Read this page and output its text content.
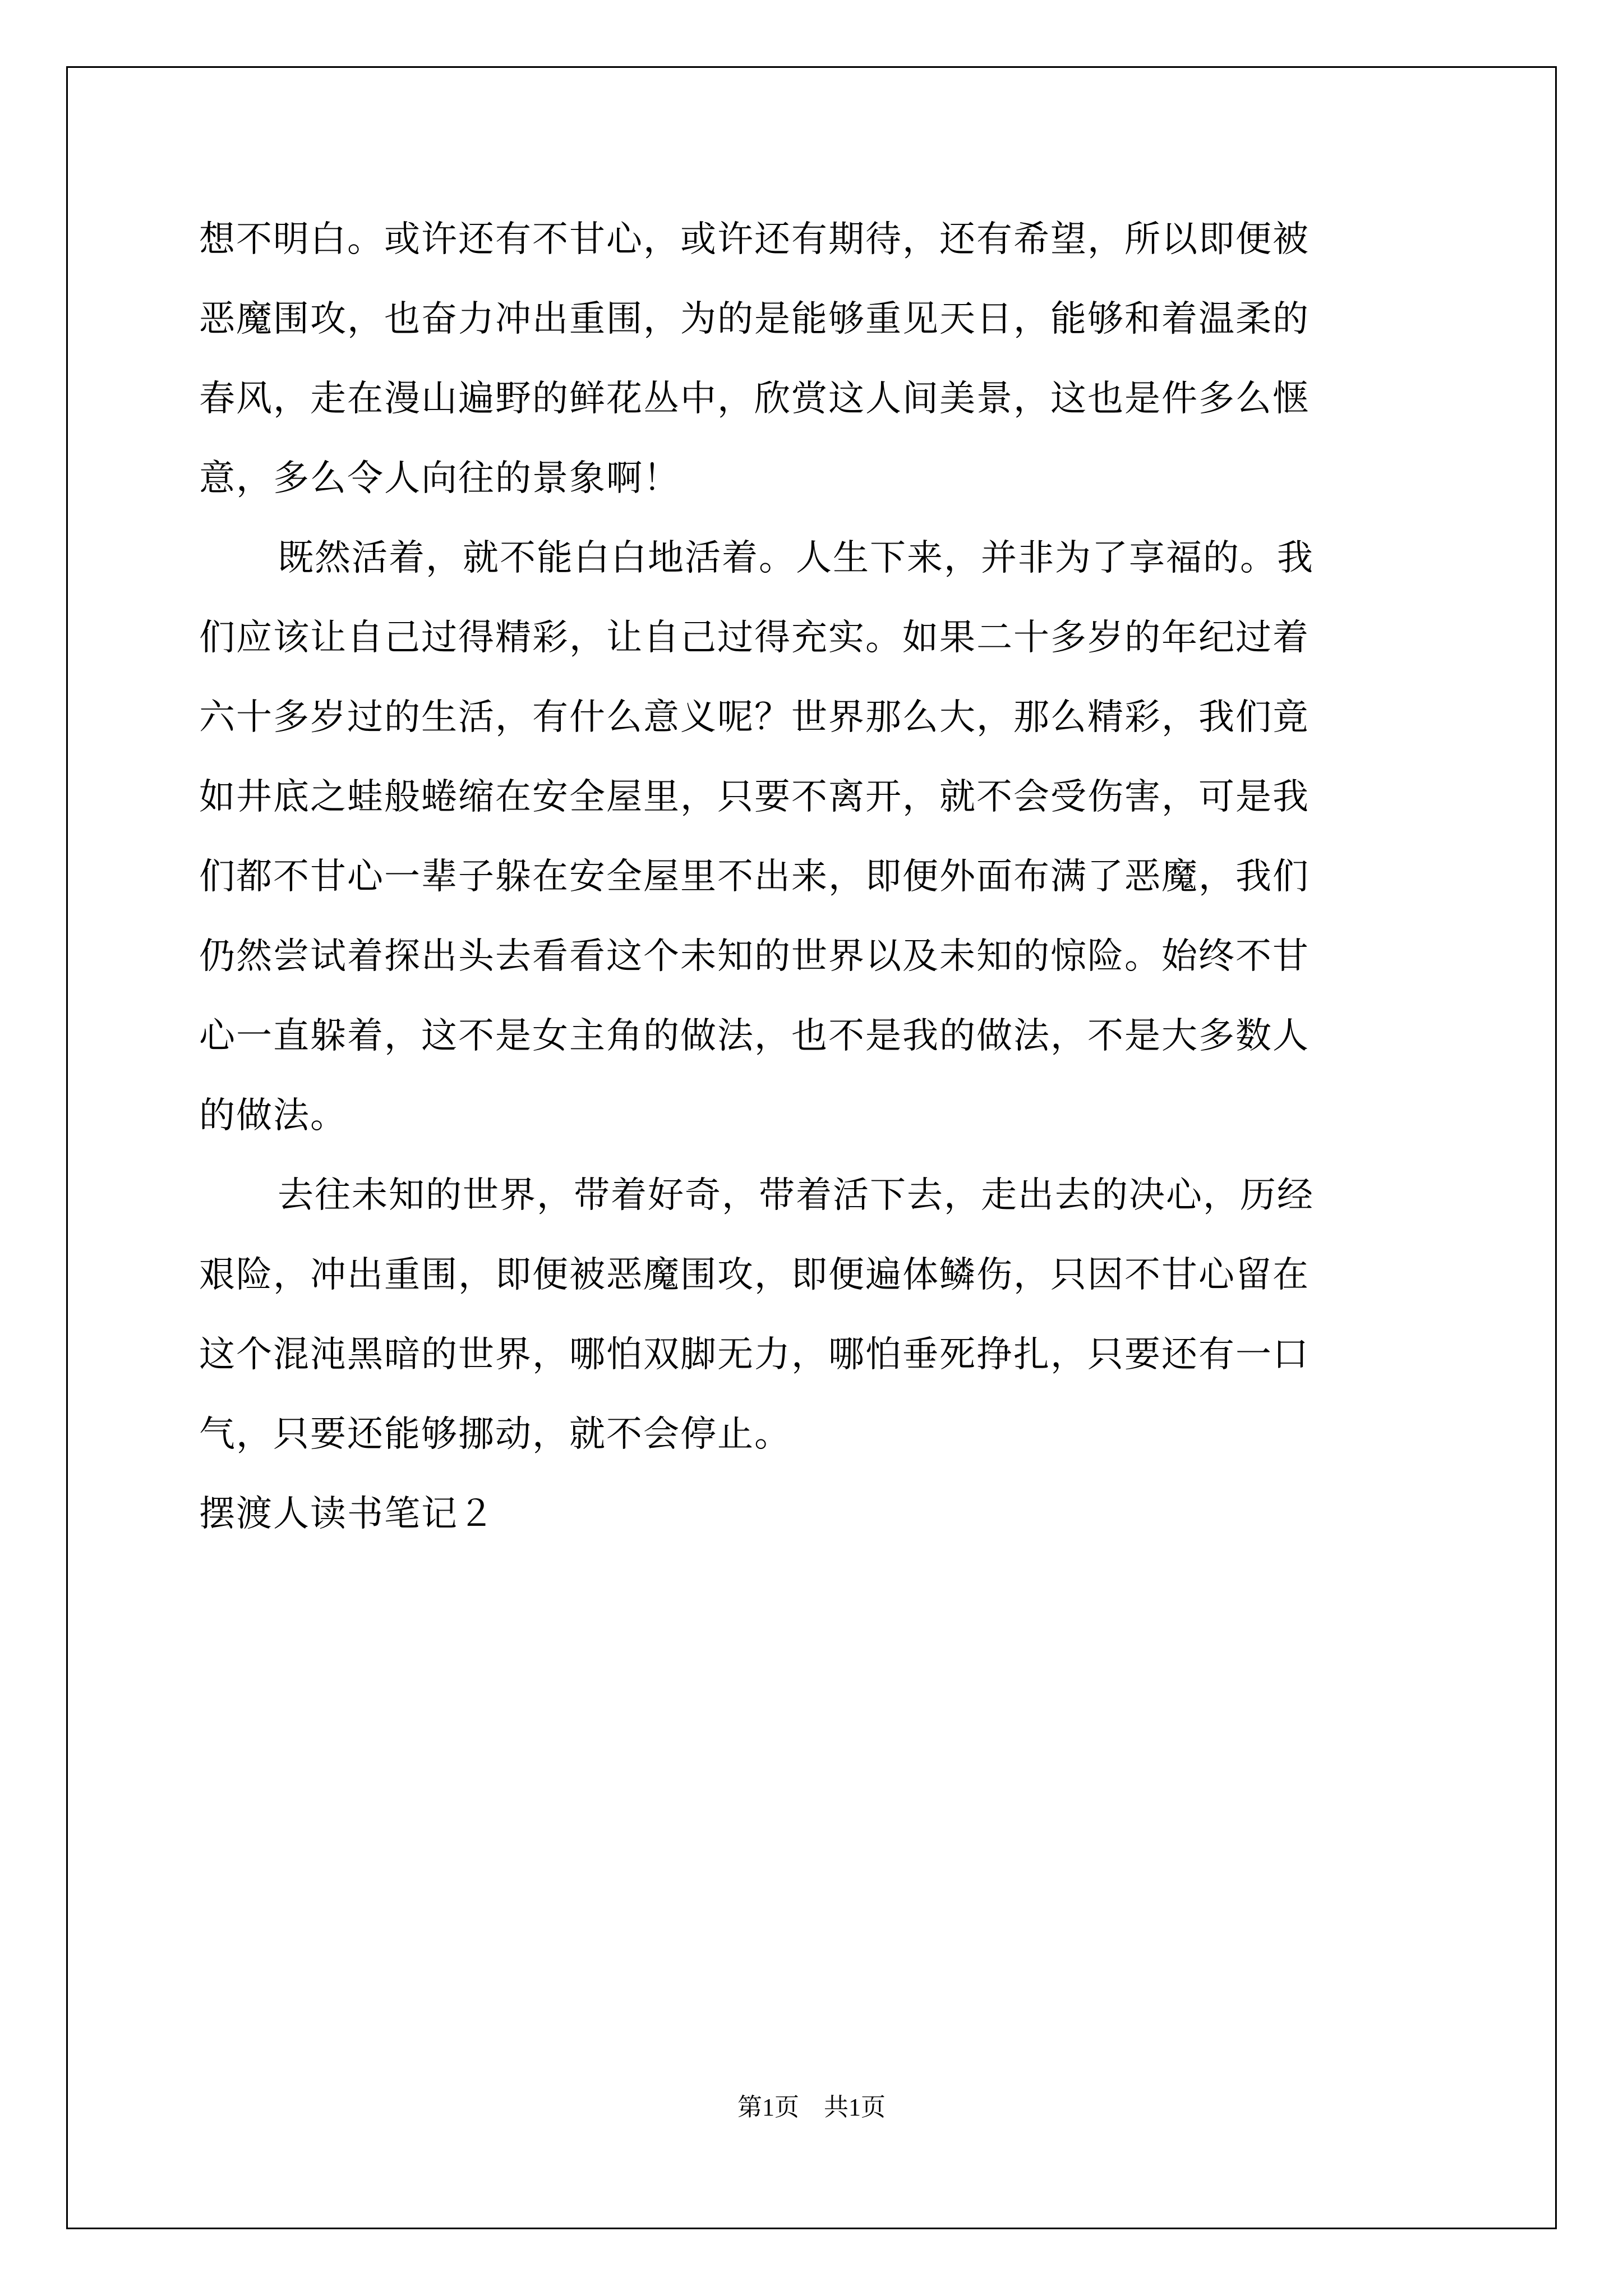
想不明白。或许还有不甘心，或许还有期待，还有希望，所以即便被
恶魔围攻，也奋力冲出重围，为的是能够重见天日，能够和着温柔的
春风，走在漫山遍野的鲜花丛中，欣赏这人间美景，这也是件多么惬
意，多么令人向往的景象啊！
既然活着，就不能白白地活着。人生下来，并非为了享福的。我
们应该让自己过得精彩，让自己过得充实。如果二十多岁的年纪过着
六十多岁过的生活，有什么意义呢？世界那么大，那么精彩，我们竟
如井底之蛙般蜷缩在安全屋里，只要不离开，就不会受伤害，可是我
们都不甘心一辈子躲在安全屋里不出来，即便外面布满了恶魔，我们
仍然尝试着探出头去看看这个未知的世界以及未知的惊险。始终不甘
心一直躲着，这不是女主角的做法，也不是我的做法，不是大多数人
的做法。
去往未知的世界，带着好奇，带着活下去，走出去的决心，历经
艰险，冲出重围，即便被恶魔围攻，即便遍体鳞伤，只因不甘心留在
这个混沌黑暗的世界，哪怕双脚无力，哪怕垂死挣扎，只要还有一口
气，只要还能够挪动，就不会停止。
摆渡人读书笔记２
第1页　共1页
